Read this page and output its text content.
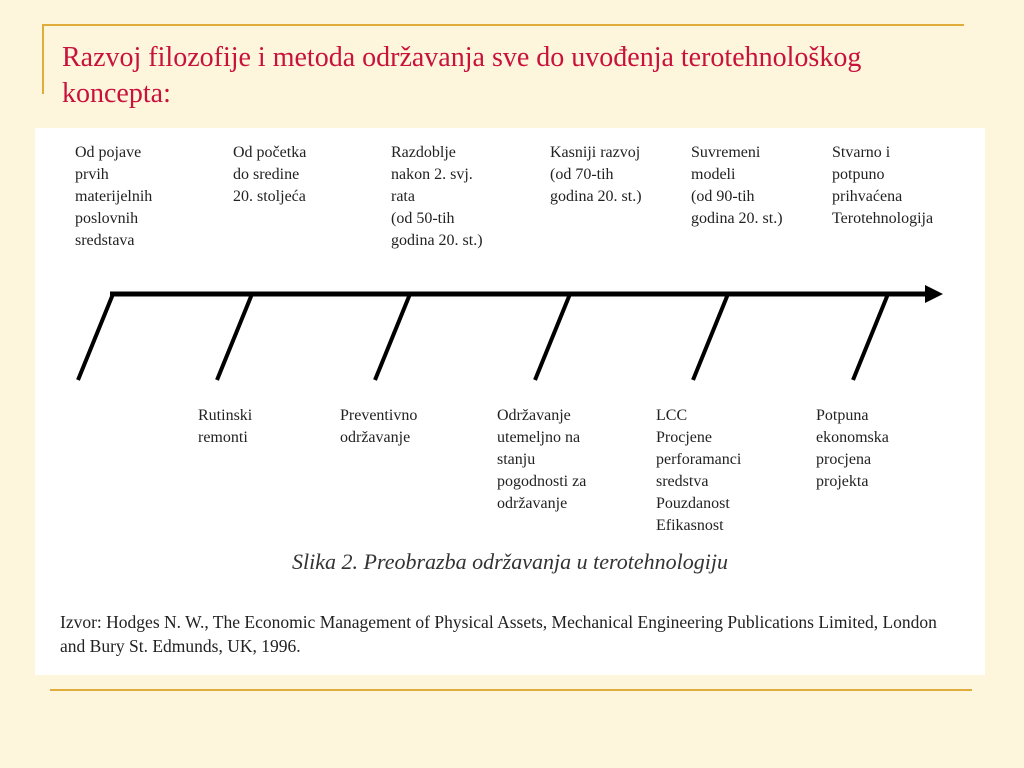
Razvoj filozofije i metoda održavanja sve do uvođenja terotehnološkog koncepta:

Od pojave
prvih
materijelnih
poslovnih
sredstava

Od početka
do sredine
20. stoljeća

Razdoblje
nakon 2. svj.
rata
(od 50-tih
godina 20. st.)

Kasniji razvoj
(od 70-tih
godina 20. st.)

Suvremeni
modeli
(od 90-tih
godina 20. st.)

Stvarno i
potpuno
prihvaćena
Terotehnologija

Rutinski
remonti

Preventivno
održavanje

Održavanje
utemeljno na
stanju
pogodnosti za
održavanje

LCC
Procjene
perforamanci
sredstva
Pouzdanost
Efikasnost

Potpuna
ekonomska
procjena
projekta

Slika 2. Preobrazba održavanja u terotehnologiju
Izvor: Hodges N. W., The Economic Management of Physical Assets, Mechanical Engineering Publications Limited, London and Bury St. Edmunds, UK, 1996.
